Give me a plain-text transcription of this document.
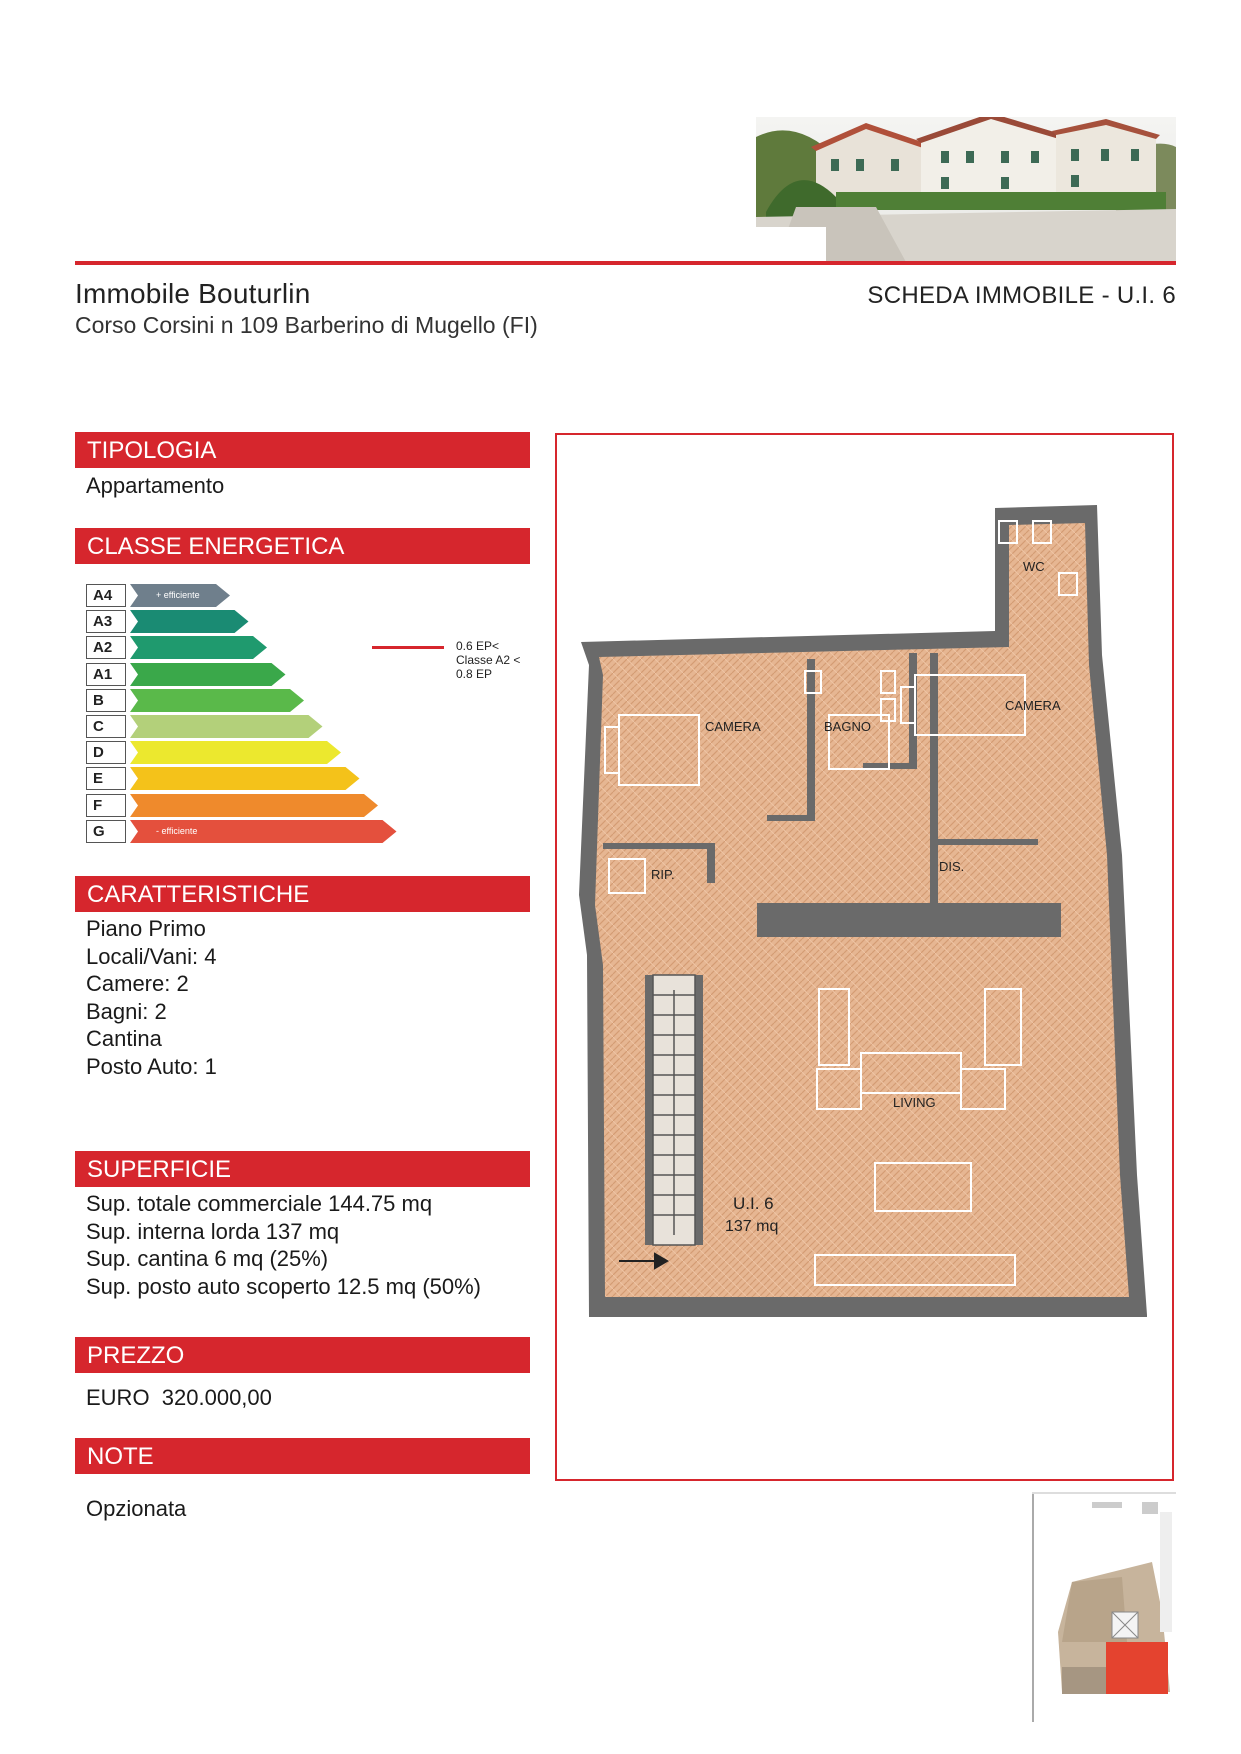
Immobile Bouturlin
Corso Corsini n 109 Barberino di Mugello (FI)
SCHEDA IMMOBILE - U.I. 6
TIPOLOGIA
Appartamento
CLASSE ENERGETICA
A4	+ efficiente
A3
A2
A1
B
C
D
E
F
G	- efficiente
0.6 EP< Classe A2 < 0.8 EP
CARATTERISTICHE
Piano Primo
Locali/Vani: 4
Camere: 2
Bagni: 2
Cantina
Posto Auto: 1
SUPERFICIE
Sup. totale commerciale 144.75 mq
Sup. interna lorda 137 mq
Sup. cantina 6 mq (25%)
Sup. posto auto scoperto 12.5 mq (50%)
PREZZO
EURO  320.000,00
NOTE
Opzionata
CAMERA	BAGNO
CAMERA
WC
RIP.
DIS.
LIVING
U.I. 6
137 mq
